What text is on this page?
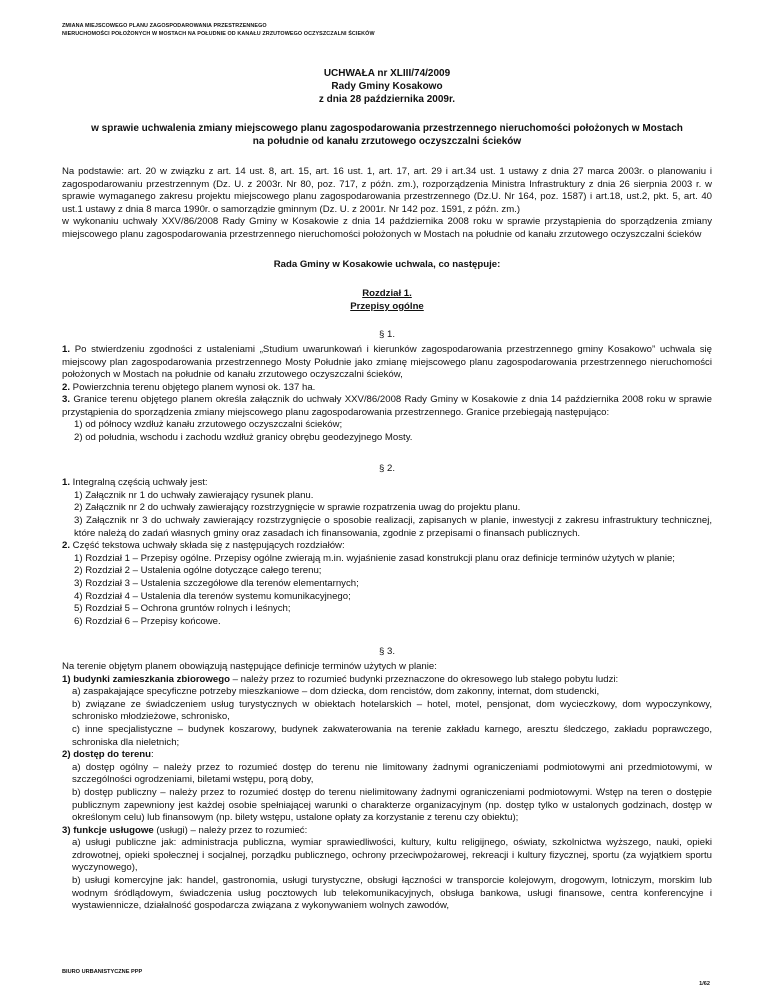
ZMIANA MIEJSCOWEGO PLANU ZAGOSPODAROWANIA PRZESTRZENNEGO
NIERUCHOMOŚCI POŁOŻONYCH W MOSTACH NA POŁUDNIE OD KANAŁU ZRZUTOWEGO OCZYSZCZALNI ŚCIEKÓW
UCHWAŁA nr XLIII/74/2009
Rady Gminy Kosakowo
z dnia 28 października 2009r.
w sprawie uchwalenia zmiany miejscowego planu zagospodarowania przestrzennego nieruchomości położonych w Mostach
na południe od kanału zrzutowego oczyszczalni ścieków

Na podstawie: art. 20 w związku z art. 14 ust. 8, art. 15, art. 16 ust. 1, art. 17, art. 29 i art.34 ust. 1 ustawy z dnia 27 marca 2003r. o planowaniu i zagospodarowaniu przestrzennym (Dz. U. z 2003r. Nr 80, poz. 717, z późn. zm.), rozporządzenia Ministra Infrastruktury z dnia 26 sierpnia 2003 r. w sprawie wymaganego zakresu projektu miejscowego planu zagospodarowania przestrzennego (Dz.U. Nr 164, poz. 1587) i art.18, ust.2, pkt. 5, art. 40 ust.1 ustawy z dnia 8 marca 1990r. o samorządzie gminnym (Dz. U. z 2001r. Nr 142 poz. 1591, z późn. zm.)

w wykonaniu uchwały XXV/86/2008 Rady Gminy w Kosakowie z dnia 14 października 2008 roku w sprawie przystąpienia do sporządzenia zmiany miejscowego planu zagospodarowania przestrzennego nieruchomości położonych w Mostach na południe od kanału zrzutowego oczyszczalni ścieków

Rada Gminy w Kosakowie uchwala, co następuje:

Rozdział 1.

Przepisy ogólne

§ 1.

1. Po stwierdzeniu zgodności z ustaleniami „Studium uwarunkowań i kierunków zagospodarowania przestrzennego gminy Kosakowo” uchwala się miejscowy plan zagospodarowania przestrzennego Mosty Południe jako zmianę miejscowego planu zagospodarowania przestrzennego nieruchomości położonych w Mostach na południe od kanału zrzutowego oczyszczalni ścieków,

2. Powierzchnia terenu objętego planem wynosi ok. 137 ha.

3. Granice terenu objętego planem określa załącznik do uchwały XXV/86/2008 Rady Gminy w Kosakowie z dnia 14 października 2008 roku w sprawie przystąpienia do sporządzenia zmiany miejscowego planu zagospodarowania przestrzennego. Granice przebiegają następująco:

1) od północy wzdłuż kanału zrzutowego oczyszczalni ścieków;

2) od południa, wschodu i zachodu wzdłuż granicy obrębu geodezyjnego Mosty.

§ 2.

1. Integralną częścią uchwały jest:

1) Załącznik nr 1 do uchwały zawierający rysunek planu.

2) Załącznik nr 2 do uchwały zawierający rozstrzygnięcie w sprawie rozpatrzenia uwag do projektu planu.

3) Załącznik nr 3 do uchwały zawierający rozstrzygnięcie o sposobie realizacji, zapisanych w planie, inwestycji z zakresu infrastruktury technicznej, które należą do zadań własnych gminy oraz zasadach ich finansowania, zgodnie z przepisami o finansach publicznych.

2. Część tekstowa uchwały składa się z następujących rozdziałów:

1) Rozdział 1 – Przepisy ogólne. Przepisy ogólne zwierają m.in. wyjaśnienie zasad konstrukcji planu oraz definicje terminów użytych w planie;

2) Rozdział 2 – Ustalenia ogólne dotyczące całego terenu;

3) Rozdział 3 – Ustalenia szczegółowe dla terenów elementarnych;

4) Rozdział 4 – Ustalenia dla terenów systemu komunikacyjnego;

5) Rozdział 5 – Ochrona gruntów rolnych i leśnych;

6) Rozdział 6 – Przepisy końcowe.

§ 3.

Na terenie objętym planem obowiązują następujące definicje terminów użytych w planie:

1) budynki zamieszkania zbiorowego – należy przez to rozumieć budynki przeznaczone do okresowego lub stałego pobytu ludzi:

a) zaspakajające specyficzne potrzeby mieszkaniowe – dom dziecka, dom rencistów, dom zakonny, internat, dom studencki,

b) związane ze świadczeniem usług turystycznych w obiektach hotelarskich – hotel, motel, pensjonat, dom wycieczkowy, dom wypoczynkowy, schronisko młodzieżowe, schronisko,

c) inne specjalistyczne – budynek koszarowy, budynek zakwaterowania na terenie zakładu karnego, aresztu śledczego, zakładu poprawczego, schroniska dla nieletnich;

2) dostęp do terenu:

a) dostęp ogólny – należy przez to rozumieć dostęp do terenu nie limitowany żadnymi ograniczeniami podmiotowymi ani przedmiotowymi, w szczególności ogrodzeniami, biletami wstępu, porą doby,

b) dostęp publiczny – należy przez to rozumieć dostęp do terenu nielimitowany żadnymi ograniczeniami podmiotowymi. Wstęp na teren o dostępie publicznym zapewniony jest każdej osobie spełniającej warunki o charakterze organizacyjnym (np. dostęp tylko w ustalonych godzinach, dostęp w określonym celu) lub finansowym (np. bilety wstępu, ustalone opłaty za korzystanie z terenu czy obiektu);

3) funkcje usługowe (usługi) – należy przez to rozumieć:

a) usługi publiczne jak: administracja publiczna, wymiar sprawiedliwości, kultury, kultu religijnego, oświaty, szkolnictwa wyższego, nauki, opieki zdrowotnej, opieki społecznej i socjalnej, porządku publicznego, ochrony przeciwpożarowej, rekreacji i kultury fizycznej, sportu (za wyjątkiem sportu wyczynowego),

b) usługi komercyjne jak: handel, gastronomia, usługi turystyczne, obsługi łączności w transporcie kolejowym, drogowym, lotniczym, morskim lub wodnym śródlądowym, świadczenia usług pocztowych lub telekomunikacyjnych, obsługa bankowa, usługi finansowe, centra konferencyjne i wystawiennicze, działalność gospodarcza związana z wykonywaniem wolnych zawodów,

BIURO URBANISTYCZNE PPP
1/62
